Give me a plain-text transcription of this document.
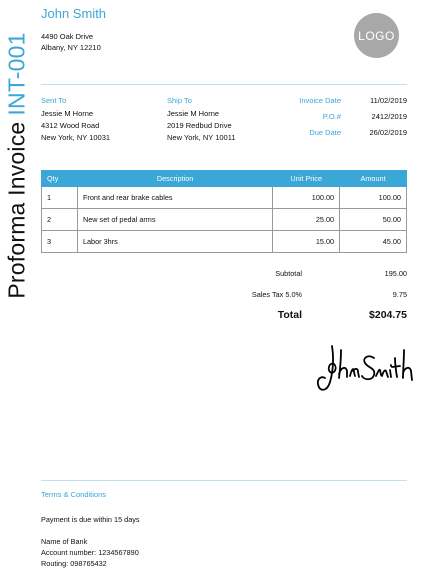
Proforma InvoiceINT-001
John Smith
4490 Oak Drive
Albany, NY 12210
LOGO
Sent To
Jessie M Horne
4312 Wood Road
New York, NY 10031
Ship To
Jessie M Horne
2019 Redbud Drive
New York, NY 10011
Invoice Date	11/02/2019
P.O.#	2412/2019
Due Date	26/02/2019
Qty	Description	Unit Price	Amount
1	Front and rear brake cables	100.00	100.00
2	New set of pedal arms	25.00	50.00
3	Labor 3hrs	15.00	45.00
Subtotal	195.00
Sales Tax 5.0%	9.75
Total	$204.75
Terms & Conditions
Payment is due within 15 days
Name of Bank
Account number: 1234567890
Routing: 098765432
